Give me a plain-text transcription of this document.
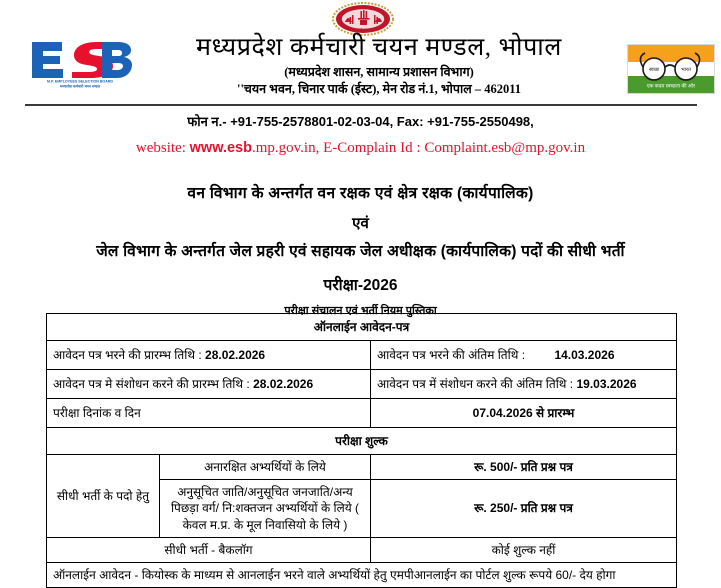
सत्यमेव जयते
मध्यप्रदेश शासन
M.P. EMPLOYEES SELECTION BOARD
मध्यप्रदेश कर्मचारी चयन मण्डल
स्वच्छ	भारत
एक कदम स्वच्छता की ओर
मध्यप्रदेश कर्मचारी चयन मण्डल, भोपाल
(मध्यप्रदेश शासन, सामान्य प्रशासन विभाग)
''चयन भवन, चिनार पार्क (ईस्ट), मेन रोड नं.1, भोपाल – 462011
फोन न.- +91-755-2578801-02-03-04, Fax: +91-755-2550498,
website: www.esb.mp.gov.in, E-Complain Id : Complaint.esb@mp.gov.in
वन विभाग के अन्तर्गत वन रक्षक एवं क्षेत्र रक्षक (कार्यपालिक)
एवं
जेल विभाग के अन्तर्गत जेल प्रहरी एवं सहायक जेल अधीक्षक (कार्यपालिक) पदों की सीधी भर्ती
परीक्षा-2026
परीक्षा संचालन एवं भर्ती नियम पुस्तिका
ऑनलाईन आवेदन-पत्र		
आवेदन पत्र भरने की प्रारम्भ तिथि : 28.02.2026		आवेदन पत्र भरने की अंतिम तिथि : 14.03.2026
आवेदन पत्र मे संशोधन करने की प्रारम्भ तिथि : 28.02.2026		आवेदन पत्र में संशोधन करने की अंतिम तिथि : 19.03.2026
परीक्षा दिनांक व दिन		07.04.2026 से प्रारम्भ
परीक्षा शुल्क		
सीधी भर्ती के पदो हेतु	अनारक्षित अभ्यर्थियों के लिये	रू. 500/- प्रति प्रश्न पत्र
	अनुसूचित जाति/अनुसूचित जनजाति/अन्य पिछड़ा वर्ग/ नि:शक्तजन अभ्यर्थियों के लिये ( केवल म.प्र. के मूल निवासियो के लिये )	रू. 250/- प्रति प्रश्न पत्र
सीधी भर्ती - बैकलॉग		कोई शुल्क नहीं
ऑनलाईन आवेदन - कियोस्क के माध्यम से आनलाईन भरने वाले अभ्यर्थियों हेतु एमपीआनलाईन का पोर्टल शुल्क रूपये 60/- देय होगा		
